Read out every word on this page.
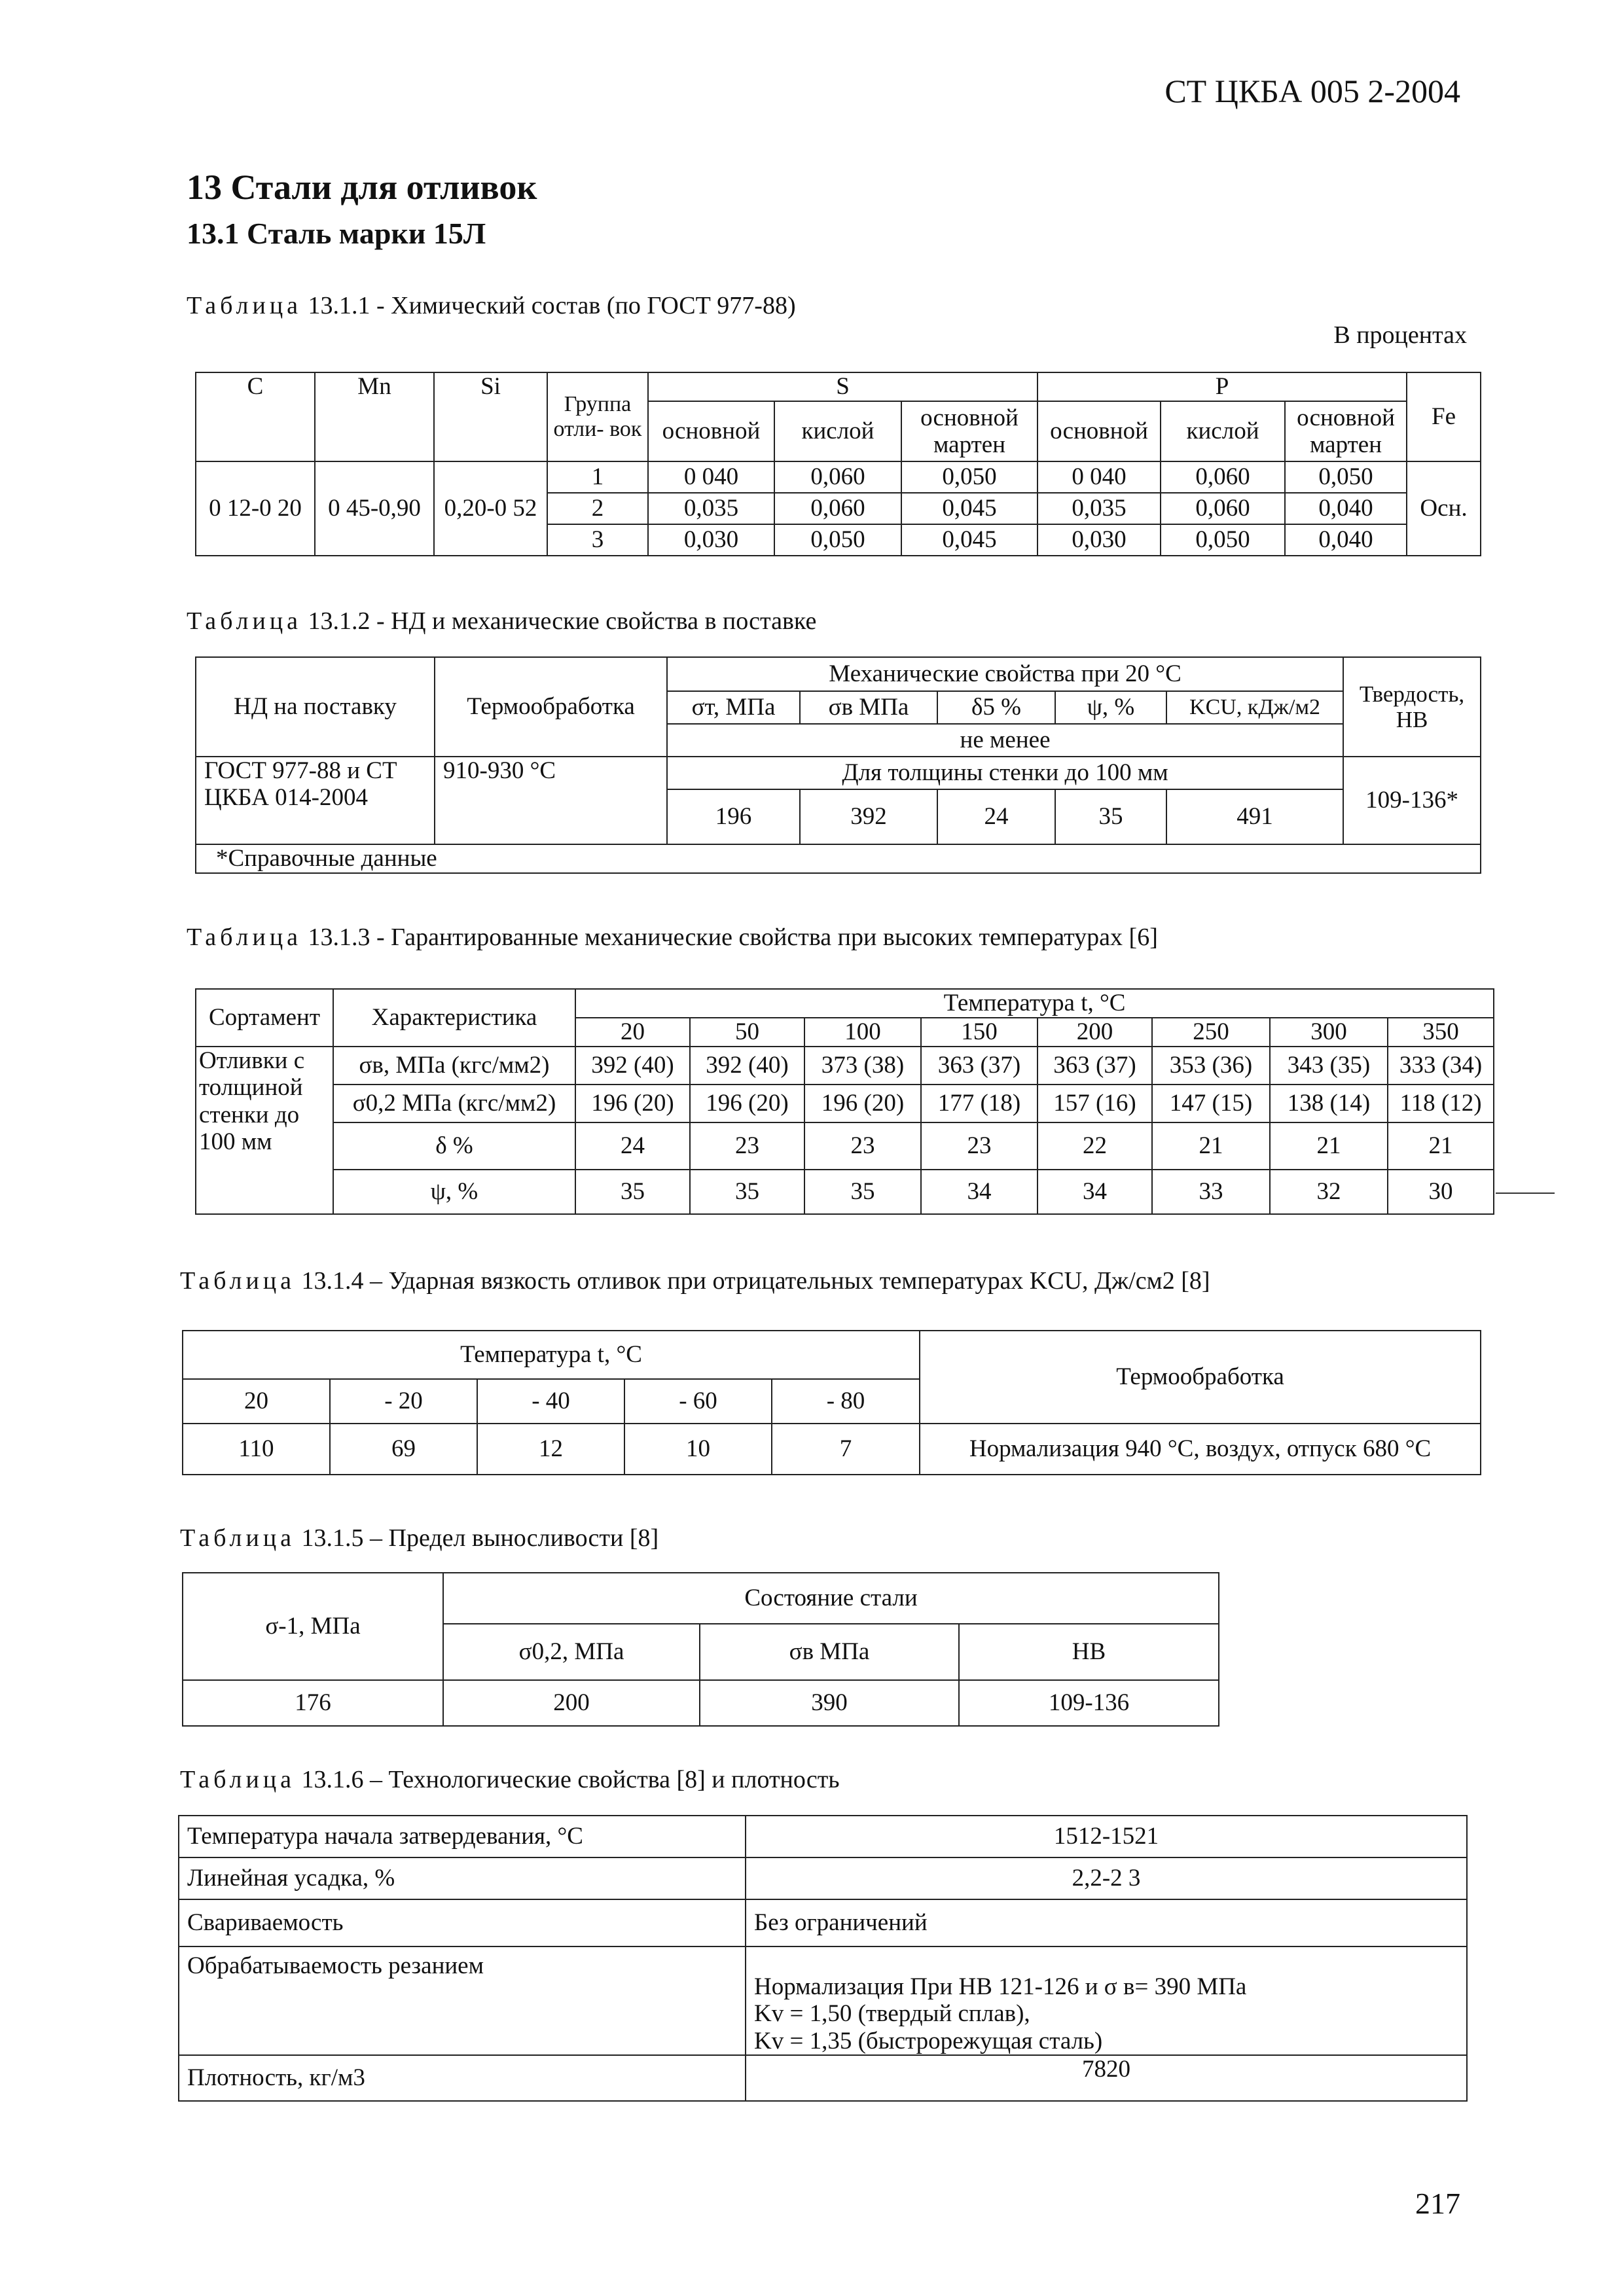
СТ ЦКБА 005 2-2004
13 Стали для отливок
13.1 Сталь марки 15Л
Таблица 13.1.1 - Химический состав (по ГОСТ 977-88)
В процентах
С	Mn	Si	Группа отли- вок	S			P			Fe
				основной	кислой	основной мартен	основной	кислой	основной мартен	
0 12-0 20	0 45-0,90	0,20-0 52	1	0 040	0,060	0,050	0 040	0,060	0,050	Осн.
			2	0,035	0,060	0,045	0,035	0,060	0,040	
			3	0,030	0,050	0,045	0,030	0,050	0,040	
Таблица 13.1.2 - НД и механические свойства в поставке
НД на поставку	Термообработка	Механические свойства при 20 °С					Твердость, НВ
		σт, МПа	σв МПа	δ5 %	ψ, %	KCU, кДж/м2	
		не менее					
ГОСТ 977-88 и СТ ЦКБА 014-2004	910-930 °С	Для толщины стенки до 100 мм					109-136*
		196	392	24	35	491	
*Справочные данные							
Таблица 13.1.3 - Гарантированные механические свойства при высоких температурах [6]
Сортамент	Характеристика	Температура t, °С							
		20	50	100	150	200	250	300	350
Отливки с толщиной стенки до 100 мм	σв, МПа (кгс/мм2)	392 (40)	392 (40)	373 (38)	363 (37)	363 (37)	353 (36)	343 (35)	333 (34)
	σ0,2 МПа (кгс/мм2)	196 (20)	196 (20)	196 (20)	177 (18)	157 (16)	147 (15)	138 (14)	118 (12)
	δ %	24	23	23	23	22	21	21	21
	ψ, %	35	35	35	34	34	33	32	30
Таблица 13.1.4 – Ударная вязкость отливок при отрицательных температурах KCU, Дж/см2 [8]
Температура t, °С					Термообработка
20	- 20	- 40	- 60	- 80	
110	69	12	10	7	Нормализация 940 °С, воздух, отпуск 680 °С
Таблица 13.1.5 – Предел выносливости [8]
σ-1, МПа	Состояние стали		
	σ0,2, МПа	σв МПа	НВ
176	200	390	109-136
Таблица 13.1.6 – Технологические свойства [8] и плотность
Температура начала затвердевания, °С	1512-1521
Линейная усадка, %	2,2-2 3
Свариваемость	Без ограничений
Обрабатываемость резанием	Нормализация При НВ 121-126 и σ в= 390 МПа
Kv = 1,50 (твердый сплав),
Kv = 1,35 (быстрорежущая сталь)

Плотность, кг/м3	7820
217
